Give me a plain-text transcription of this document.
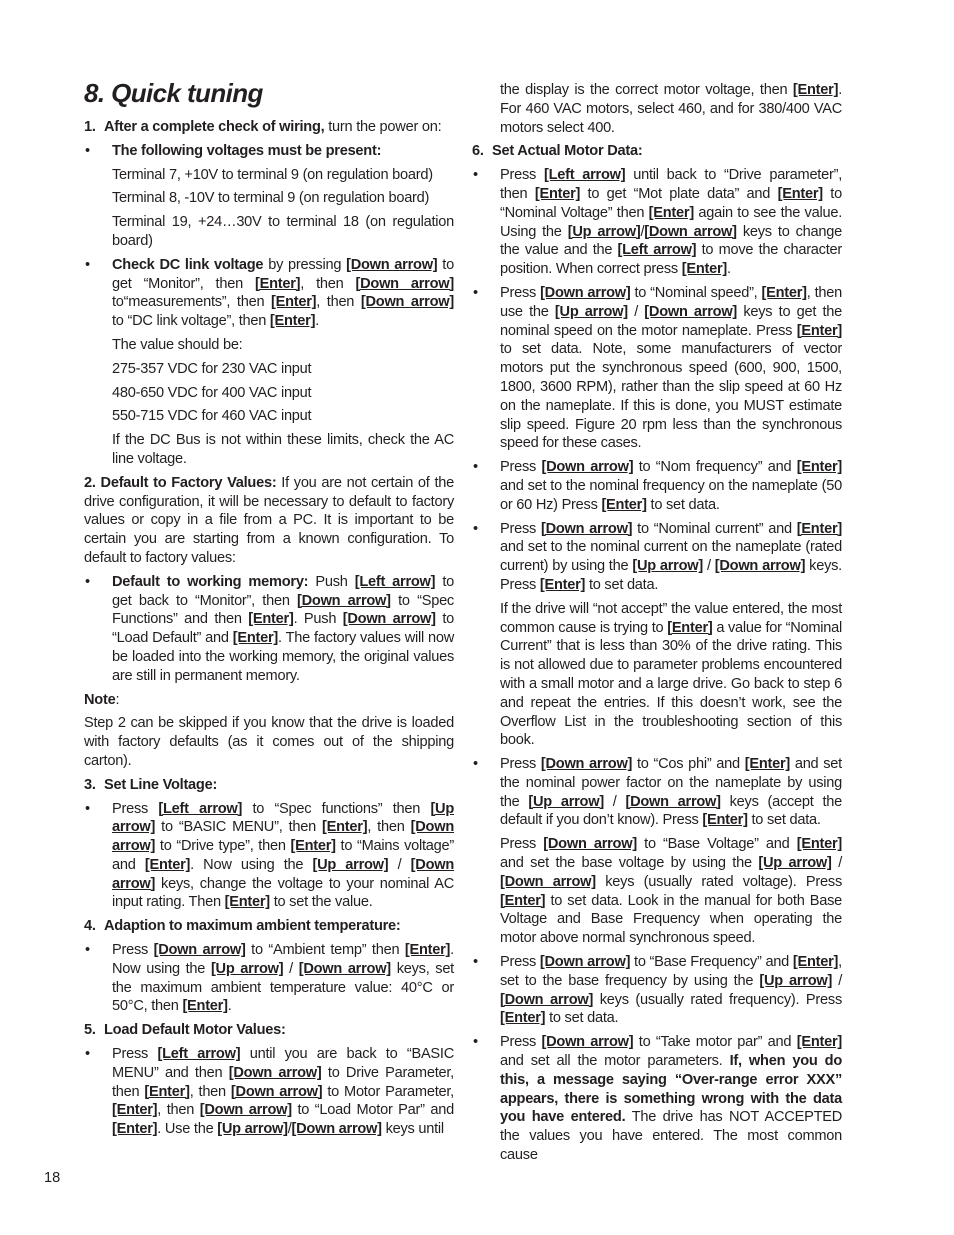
8. Quick tuning
1. After a complete check of wiring, turn the power on:
• The following voltages must be present:
Terminal 7, +10V to terminal 9 (on regulation board)
Terminal 8, -10V to terminal 9 (on regulation board)
Terminal 19, +24…30V to terminal 18 (on regulation board)
• Check DC link voltage by pressing [Down arrow] to get “Monitor”, then [Enter], then [Down arrow] to“measurements”, then [Enter], then [Down arrow] to “DC link voltage”, then [Enter].
The value should be:
275-357 VDC for 230 VAC input
480-650 VDC for 400 VAC input
550-715 VDC for 460 VAC input
If the DC Bus is not within these limits, check the AC line voltage.
2. Default to Factory Values: If you are not certain of the drive configuration, it will be necessary to default to factory values or copy in a file from a PC. It is important to be certain you are starting from a known configuration. To default to factory values:
• Default to working memory: Push [Left arrow] to get back to “Monitor”, then [Down arrow] to “Spec Functions” and then [Enter]. Push [Down arrow] to “Load Default” and [Enter]. The factory values will now be loaded into the working memory, the original values are still in permanent memory.
Note:
Step 2 can be skipped if you know that the drive is loaded with factory defaults (as it comes out of the shipping carton).
3. Set Line Voltage:
• Press [Left arrow] to “Spec functions” then [Up arrow] to “BASIC MENU”, then [Enter], then [Down arrow] to “Drive type”, then [Enter] to “Mains voltage” and [Enter]. Now using the [Up arrow] / [Down arrow] keys, change the voltage to your nominal AC input rating. Then [Enter] to set the value.
4. Adaption to maximum ambient temperature:
• Press [Down arrow] to “Ambient temp” then [Enter]. Now using the [Up arrow] / [Down arrow] keys, set the maximum ambient temperature value: 40°C or 50°C, then [Enter].
5. Load Default Motor Values:
• Press [Left arrow] until you are back to “BASIC MENU” and then [Down arrow] to Drive Parameter, then [Enter], then [Down arrow] to Motor Parameter, [Enter], then [Down arrow] to “Load Motor Par” and [Enter]. Use the [Up arrow]/[Down arrow] keys until
the display is the correct motor voltage, then [Enter]. For 460 VAC motors, select 460, and for 380/400 VAC motors select 400.
6. Set Actual Motor Data:
• Press [Left arrow] until back to “Drive parameter”, then [Enter] to get “Mot plate data” and [Enter] to “Nominal Voltage” then [Enter] again to see the value. Using the [Up arrow]/[Down arrow] keys to change the value and the [Left arrow] to move the character position. When correct press [Enter].
• Press [Down arrow] to “Nominal speed”, [Enter], then use the [Up arrow] / [Down arrow] keys to get the nominal speed on the motor nameplate. Press [Enter] to set data. Note, some manufacturers of vector motors put the synchronous speed (600, 900, 1500, 1800, 3600 RPM), rather than the slip speed at 60 Hz on the nameplate. If this is done, you MUST estimate slip speed. Figure 20 rpm less than the synchronous speed for these cases.
• Press [Down arrow] to “Nom frequency” and [Enter] and set to the nominal frequency on the nameplate (50 or 60 Hz) Press [Enter] to set data.
• Press [Down arrow] to “Nominal current” and [Enter] and set to the nominal current on the nameplate (rated current) by using the [Up arrow] / [Down arrow] keys. Press [Enter] to set data.
If the drive will “not accept” the value entered, the most common cause is trying to [Enter] a value for “Nominal Current” that is less than 30% of the drive rating. This is not allowed due to parameter problems encountered with a small motor and a large drive. Go back to step 6 and repeat the entries. If this doesn’t work, see the Overflow List in the troubleshooting section of this book.
• Press [Down arrow] to “Cos phi” and [Enter] and set the nominal power factor on the nameplate by using the [Up arrow] / [Down arrow] keys (accept the default if you don’t know). Press [Enter] to set data.
Press [Down arrow] to “Base Voltage” and [Enter] and set the base voltage by using the [Up arrow] / [Down arrow] keys (usually rated voltage). Press [Enter] to set data. Look in the manual for both Base Voltage and Base Frequency when operating the motor above normal synchronous speed.
• Press [Down arrow] to “Base Frequency” and [Enter], set to the base frequency by using the [Up arrow] / [Down arrow] keys (usually rated frequency). Press [Enter] to set data.
• Press [Down arrow] to “Take motor par” and [Enter] and set all the motor parameters. If, when you do this, a message saying “Over-range error XXX” appears, there is something wrong with the data you have entered. The drive has NOT ACCEPTED the values you have entered. The most common cause
18
